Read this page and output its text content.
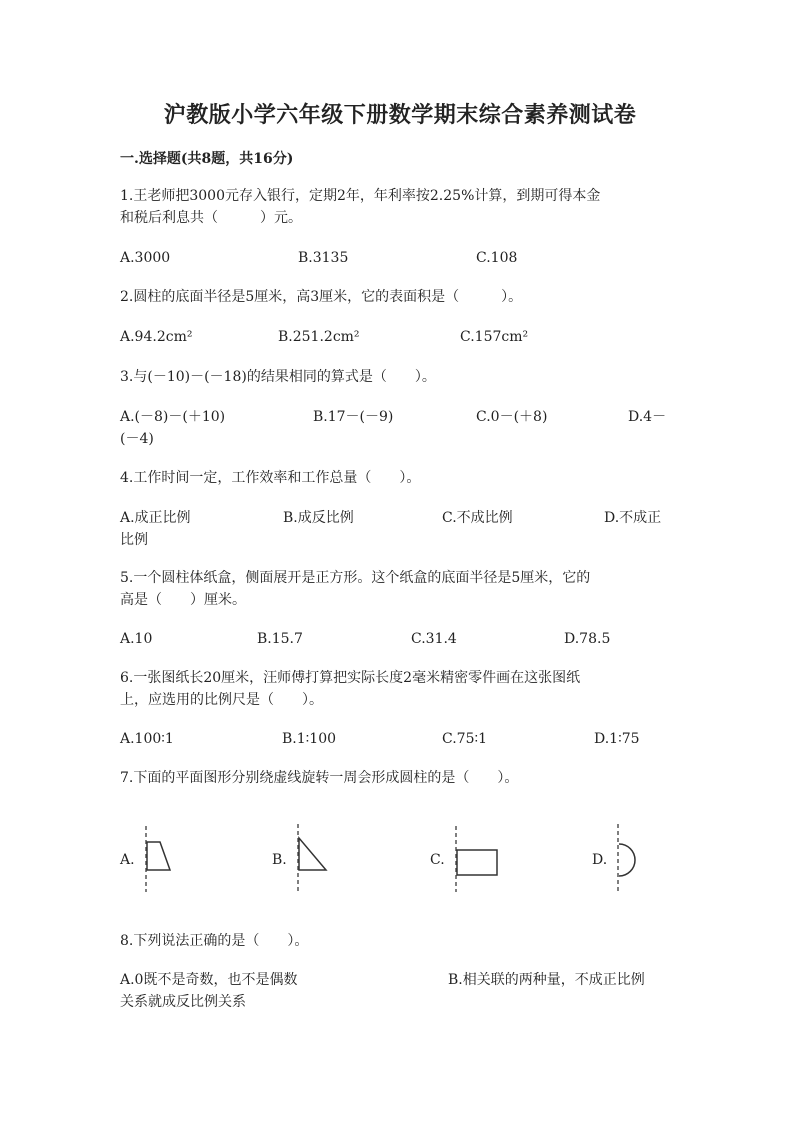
沪教版小学六年级下册数学期末综合素养测试卷
一.选择题(共8题，共16分)
1.王老师把3000元存入银行，定期2年，年利率按2.25%计算，到期可得本金
和税后利息共（　　　）元。
A.3000	B.3135	C.108
2.圆柱的底面半径是5厘米，高3厘米，它的表面积是（　　　）。
A.94.2cm²	B.251.2cm²	C.157cm²
3.与(－10)－(－18)的结果相同的算式是（　　）。
A.(－8)－(＋10)	B.17－(－9)	C.0－(＋8)	D.4－
(－4)
4.工作时间一定，工作效率和工作总量（　　）。
A.成正比例	B.成反比例	C.不成比例	D.不成正
比例
5.一个圆柱体纸盒，侧面展开是正方形。这个纸盒的底面半径是5厘米，它的
高是（　　）厘米。
A.10	B.15.7	C.31.4	D.78.5
6.一张图纸长20厘米，汪师傅打算把实际长度2毫米精密零件画在这张图纸
上，应选用的比例尺是（　　）。
A.100∶1	B.1∶100	C.75∶1	D.1∶75
7.下面的平面图形分别绕虚线旋转一周会形成圆柱的是（　　）。
A.	B.	C.	D.
8.下列说法正确的是（　　）。
A.0既不是奇数，也不是偶数	B.相关联的两种量，不成正比例
关系就成反比例关系
